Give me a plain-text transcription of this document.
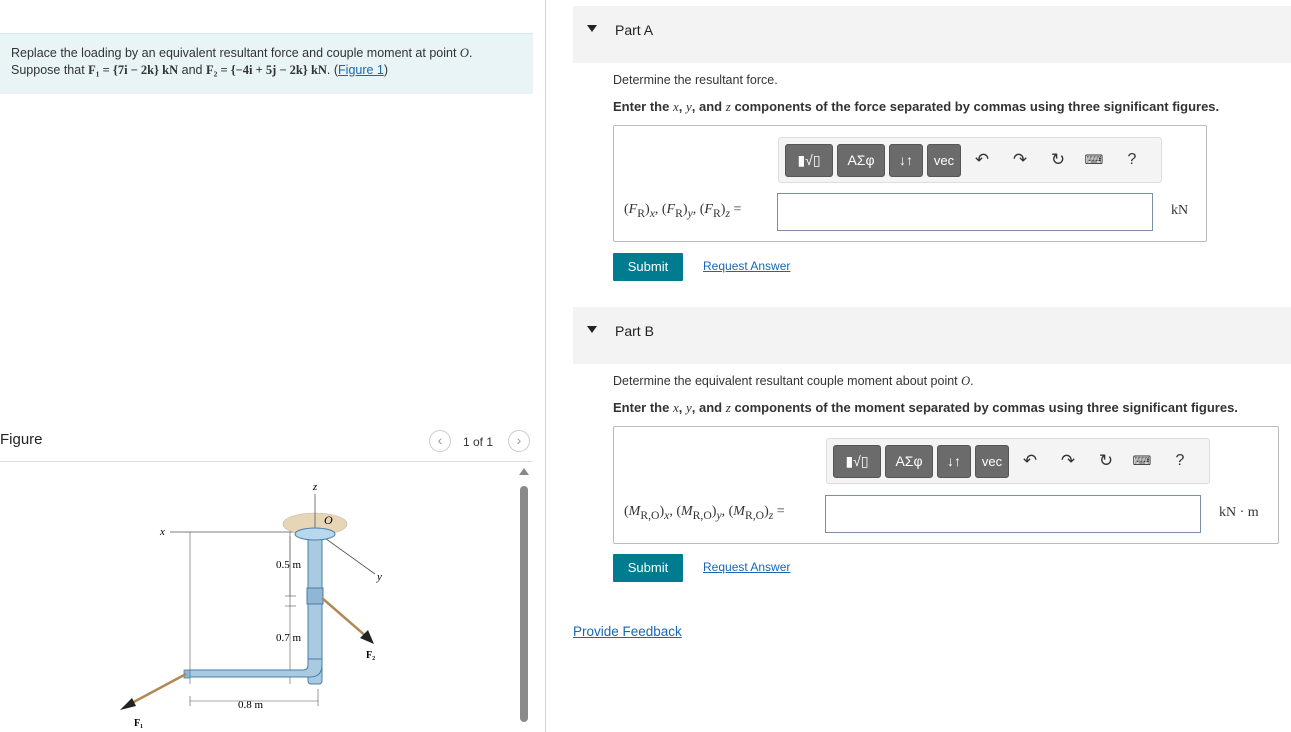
Replace the loading by an equivalent resultant force and couple moment at point O.
Suppose that F₁ = {7i − 2k} kN and F₂ = {−4i + 5j − 2k} kN. (Figure 1)
Figure	‹	1 of 1	›
z
O
x
y
0.5 m
0.7 m
0.8 m
F₁
F₂
Part A
Determine the resultant force.
Enter the x, y, and z components of the force separated by commas using three significant figures.
▮√▯	ΑΣφ	↓↑	vec	↶ ↷ ↻ ⌨	?
$(F_R)_x$, $(F_R)_y$, $(F_R)_z$ =	kN
Submit	Request Answer
Part B
Determine the equivalent resultant couple moment about point O.
Enter the x, y, and z components of the moment separated by commas using three significant figures.
▮√▯	ΑΣφ	↓↑	vec	↶ ↷ ↻ ⌨	?
$(M_{R,O})_x$, $(M_{R,O})_y$, $(M_{R,O})_z$ =	kN · m
Submit	Request Answer
Provide Feedback
